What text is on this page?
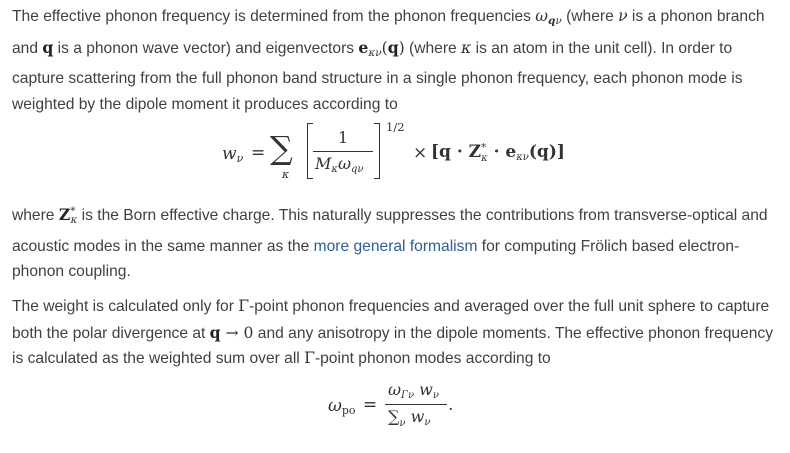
The effective phonon frequency is determined from the phonon frequencies $\omega_{q\nu}$ (where ν is a phonon branch and q is a phonon wave vector) and eigenvectors $e_{\kappa\nu}(q)$ (where κ is an atom in the unit cell). In order to capture scattering from the full phonon band structure in a single phonon frequency, each phonon mode is weighted by the dipole moment it produces according to

wν = ∑
κ
1
Mκωqν
1/2
× $[q \cdot Z^*_\kappa \cdot e\kappa\nu(q)]$

where $Z^*_\kappa$ is the Born effective charge. This naturally suppresses the contributions from transverse-optical and acoustic modes in the same manner as the more general formalism for computing Frölich based electron-phonon coupling.

The weight is calculated only for Γ-point phonon frequencies and averaged over the full unit sphere to capture both the polar divergence at q → 0 and any anisotropy in the dipole moments. The effective phonon frequency is calculated as the weighted sum over all Γ-point phonon modes according to

ωpo =
ωΓν wν
$\sum_\nu$ wν
.
